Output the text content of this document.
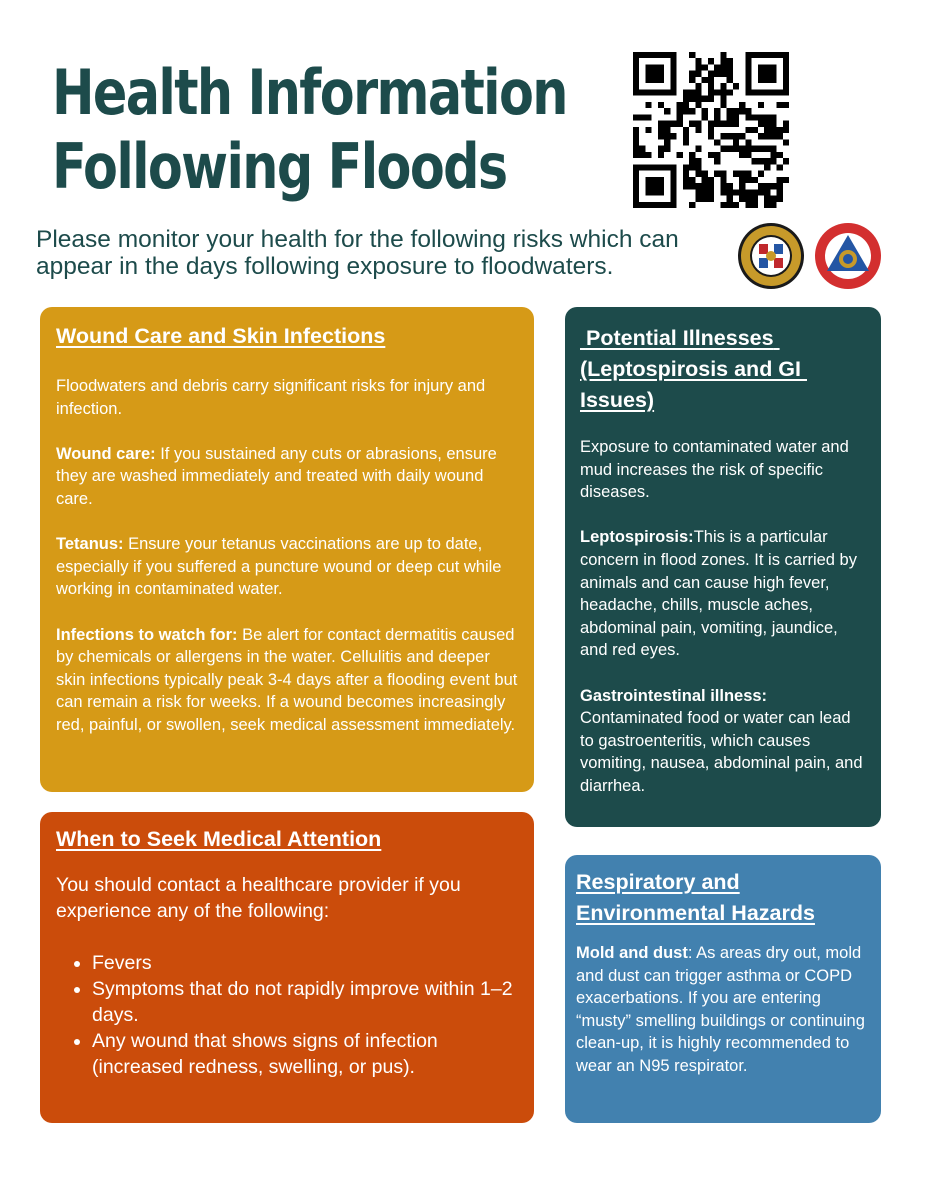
Health Information
Following Floods

Please monitor your health for the following risks which can appear in the days following exposure to floodwaters.

Wound Care and Skin Infections

Floodwaters and debris carry significant risks for injury and infection.

Wound care: If you sustained any cuts or abrasions, ensure they are washed immediately and treated with daily wound care.

Tetanus: Ensure your tetanus vaccinations are up to date, especially if you suffered a puncture wound or deep cut while working in contaminated water.

Infections to watch for: Be alert for contact dermatitis caused by chemicals or allergens in the water. Cellulitis and deeper skin infections typically peak 3-4 days after a flooding event but can remain a risk for weeks. If a wound becomes increasingly red, painful, or swollen, seek medical assessment immediately.

Potential Illnesses (Leptospirosis and GI Issues)

Exposure to contaminated water and mud increases the risk of specific diseases.

Leptospirosis:This is a particular concern in flood zones. It is carried by animals and can cause high fever, headache, chills, muscle aches, abdominal pain, vomiting, jaundice, and red eyes.

Gastrointestinal illness: Contaminated food or water can lead to gastroenteritis, which causes vomiting, nausea, abdominal pain, and diarrhea.

When to Seek Medical Attention

You should contact a healthcare provider if you experience any of the following:

• Fevers
• Symptoms that do not rapidly improve within 1–2 days.
• Any wound that shows signs of infection (increased redness, swelling, or pus).
Respiratory and Environmental Hazards

Mold and dust: As areas dry out, mold and dust can trigger asthma or COPD exacerbations. If you are entering “musty” smelling buildings or continuing clean-up, it is highly recommended to wear an N95 respirator.
